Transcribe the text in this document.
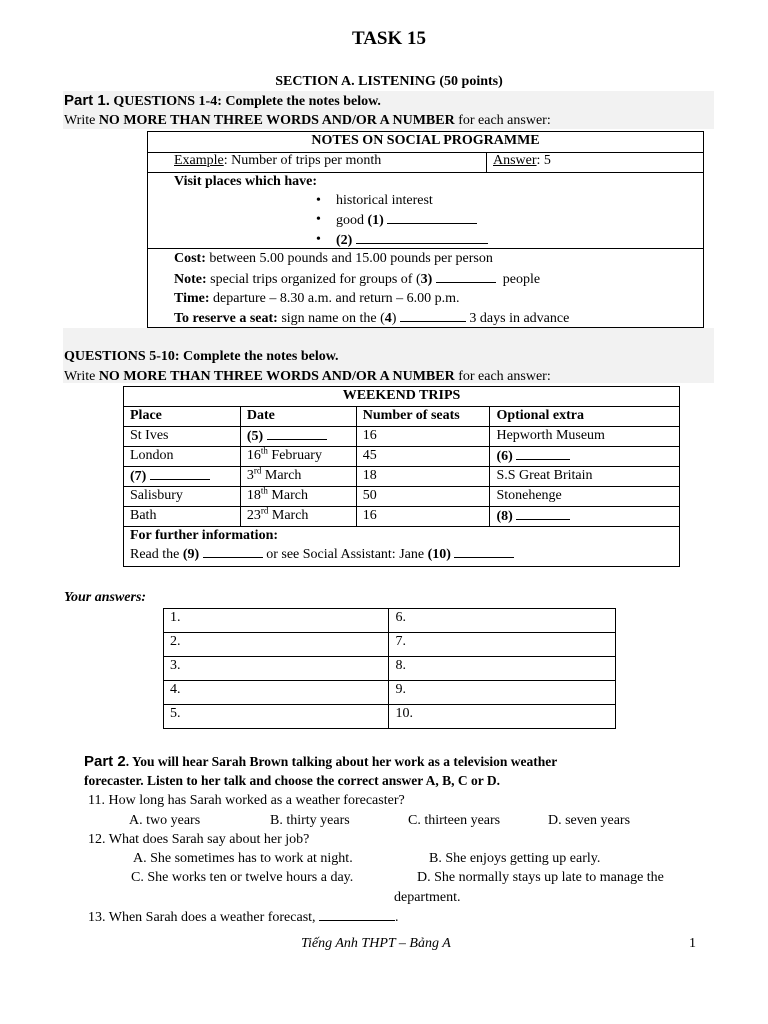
TASK 15
SECTION A. LISTENING (50 points)
Part 1. QUESTIONS 1-4: Complete the notes below.
Write NO MORE THAN THREE WORDS AND/OR A NUMBER for each answer:
NOTES ON SOCIAL PROGRAMME
Example: Number of trips per month	Answer: 5
Visit places which have:
Cost: between 5.00 pounds and 15.00 pounds per person
Note: special trips organized for groups of (3)	people
Time: departure – 8.30 a.m. and return – 6.00 p.m.
To reserve a seat: sign name on the (4)	3 days in advance
• historical interest
• good (1)
• (2)
QUESTIONS 5-10: Complete the notes below.
Write NO MORE THAN THREE WORDS AND/OR A NUMBER for each answer:
WEEKEND TRIPS			
Place	Date	Number of seats	Optional extra
St Ives	(5)	16	Hepworth Museum
London	16th February	45	(6)
(7)	3rd March	18	S.S Great Britain
Salisbury	18th March	50	Stonehenge
Bath	23rd March	16	(8)

For further information:
Read the (9) or see Social Assistant: Jane (10)			
Your answers:
1.	6.
2.	7.
3.	8.
4.	9.
5.	10.
Part 2. You will hear Sarah Brown talking about her work as a television weather
forecaster. Listen to her talk and choose the correct answer A, B, C or D.
11. How long has Sarah worked as a weather forecaster?
A. two years	B. thirty years	C. thirteen years	D. seven years
12. What does Sarah say about her job?
A. She sometimes has to work at night.	B. She enjoys getting up early.
C. She works ten or twelve hours a day.	D. She normally stays up late to manage the
department.
13. When Sarah does a weather forecast,	.
Tiếng Anh THPT – Bảng A	1
